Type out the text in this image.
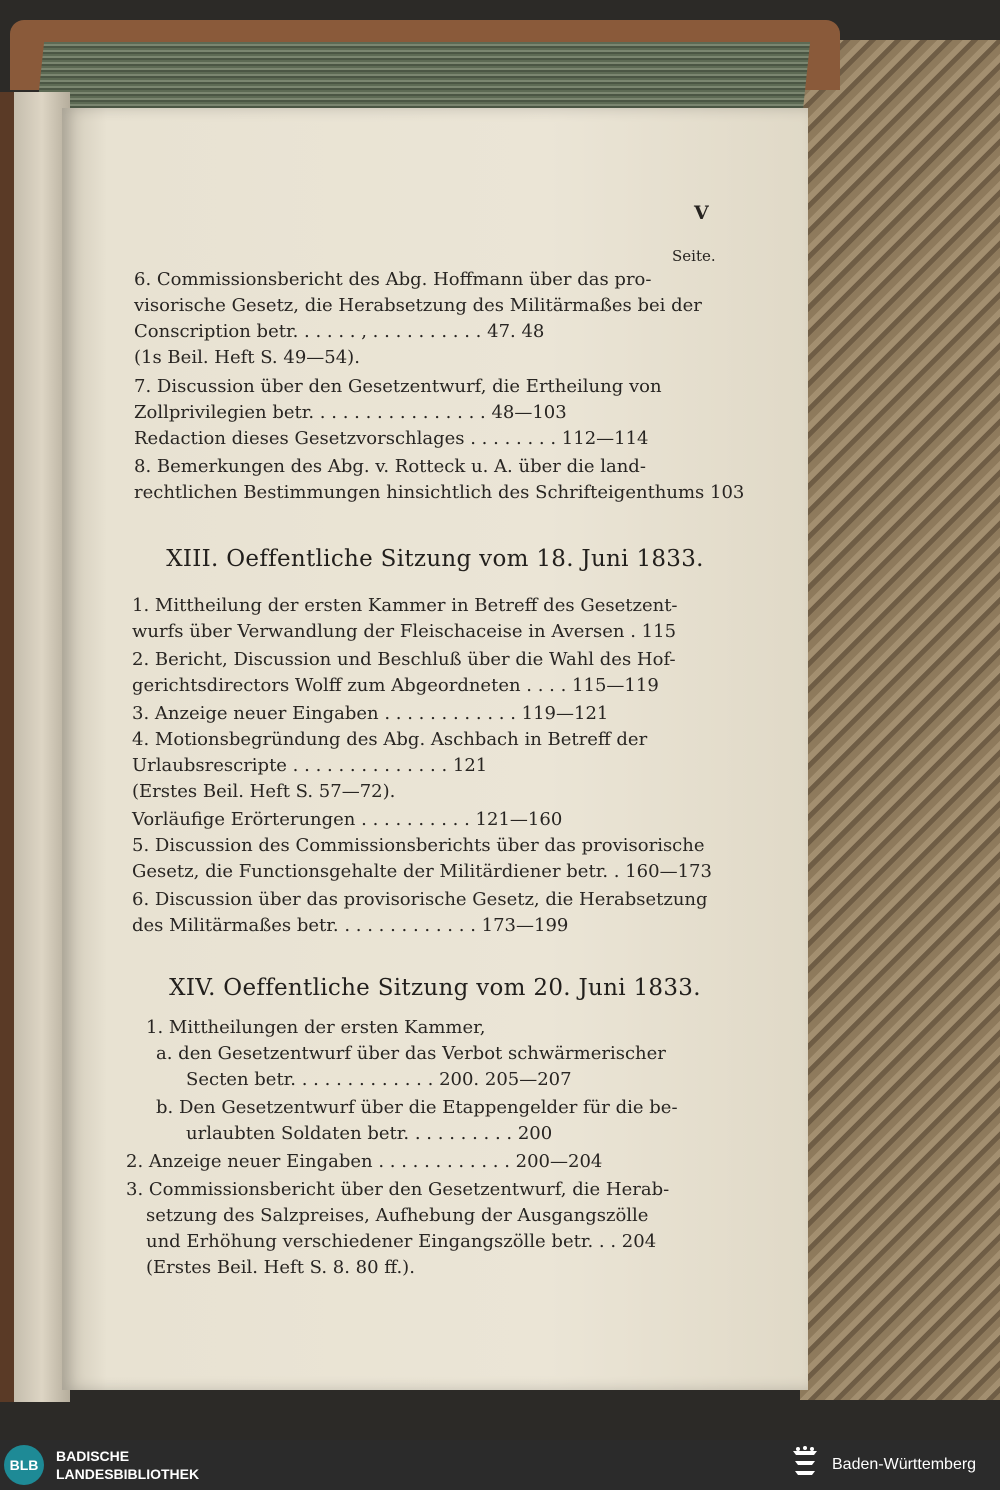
V
Seite.
6. Commissionsbericht des Abg. Hoffmann über das pro-
visorische Gesetz, die Herabsetzung des Militärmaßes bei der
Conscription betr. . . . . . , . . . . . . . . . . 47. 48
(1s Beil. Heft S. 49—54).
7. Discussion über den Gesetzentwurf, die Ertheilung von
Zollprivilegien betr. . . . . . . . . . . . . . . . 48—103
Redaction dieses Gesetzvorschlages . . . . . . . . 112—114
8. Bemerkungen des Abg. v. Rotteck u. A. über die land-
rechtlichen Bestimmungen hinsichtlich des Schrifteigenthums 103
XIII. Oeffentliche Sitzung vom 18. Juni 1833.
1. Mittheilung der ersten Kammer in Betreff des Gesetzent-
wurfs über Verwandlung der Fleischaceise in Aversen . 115
2. Bericht, Discussion und Beschluß über die Wahl des Hof-
gerichtsdirectors Wolff zum Abgeordneten . . . . 115—119
3. Anzeige neuer Eingaben . . . . . . . . . . . . 119—121
4. Motionsbegründung des Abg. Aschbach in Betreff der
Urlaubsrescripte . . . . . . . . . . . . . . 121
(Erstes Beil. Heft S. 57—72).
Vorläufige Erörterungen . . . . . . . . . . 121—160
5. Discussion des Commissionsberichts über das provisorische
Gesetz, die Functionsgehalte der Militärdiener betr. . 160—173
6. Discussion über das provisorische Gesetz, die Herabsetzung
des Militärmaßes betr. . . . . . . . . . . . . 173—199
XIV. Oeffentliche Sitzung vom 20. Juni 1833.
1. Mittheilungen der ersten Kammer,
a. den Gesetzentwurf über das Verbot schwärmerischer
Secten betr. . . . . . . . . . . . . 200. 205—207
b. Den Gesetzentwurf über die Etappengelder für die be-
urlaubten Soldaten betr. . . . . . . . . . 200
2. Anzeige neuer Eingaben . . . . . . . . . . . . 200—204
3. Commissionsbericht über den Gesetzentwurf, die Herab-
setzung des Salzpreises, Aufhebung der Ausgangszölle
und Erhöhung verschiedener Eingangszölle betr. . . 204
(Erstes Beil. Heft S. 8. 80 ff.).
BLB
BADISCHE
LANDESBIBLIOTHEK
Baden-Württemberg
